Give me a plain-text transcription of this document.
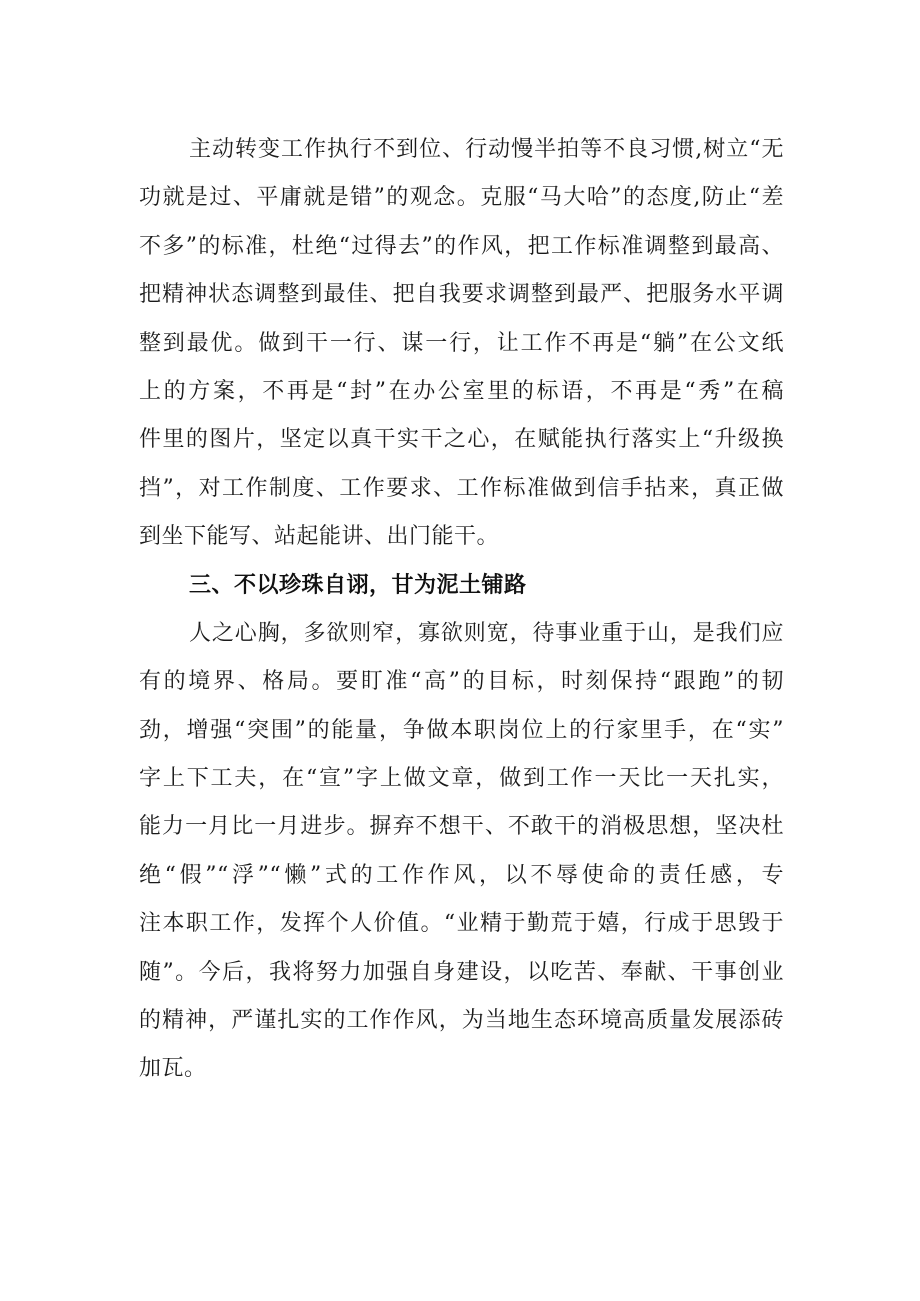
主动转变工作执行不到位、行动慢半拍等不良习惯,树立“无
功就是过、平庸就是错”的观念。克服“马大哈”的态度,防止“差
不多”的标准，杜绝“过得去”的作风，把工作标准调整到最高、
把精神状态调整到最佳、把自我要求调整到最严、把服务水平调
整到最优。做到干一行、谋一行，让工作不再是“躺”在公文纸
上的方案，不再是“封”在办公室里的标语，不再是“秀”在稿
件里的图片，坚定以真干实干之心，在赋能执行落实上“升级换
挡”，对工作制度、工作要求、工作标准做到信手拈来，真正做
到坐下能写、站起能讲、出门能干。
三、不以珍珠自诩，甘为泥土铺路
人之心胸，多欲则窄，寡欲则宽，待事业重于山，是我们应
有的境界、格局。要盯准“高”的目标，时刻保持“跟跑”的韧
劲，增强“突围”的能量，争做本职岗位上的行家里手，在“实”
字上下工夫，在“宣”字上做文章，做到工作一天比一天扎实，
能力一月比一月进步。摒弃不想干、不敢干的消极思想，坚决杜
绝“假”“浮”“懒”式的工作作风，以不辱使命的责任感，专
注本职工作，发挥个人价值。“业精于勤荒于嬉，行成于思毁于
随”。今后，我将努力加强自身建设，以吃苦、奉献、干事创业
的精神，严谨扎实的工作作风，为当地生态环境高质量发展添砖
加瓦。
